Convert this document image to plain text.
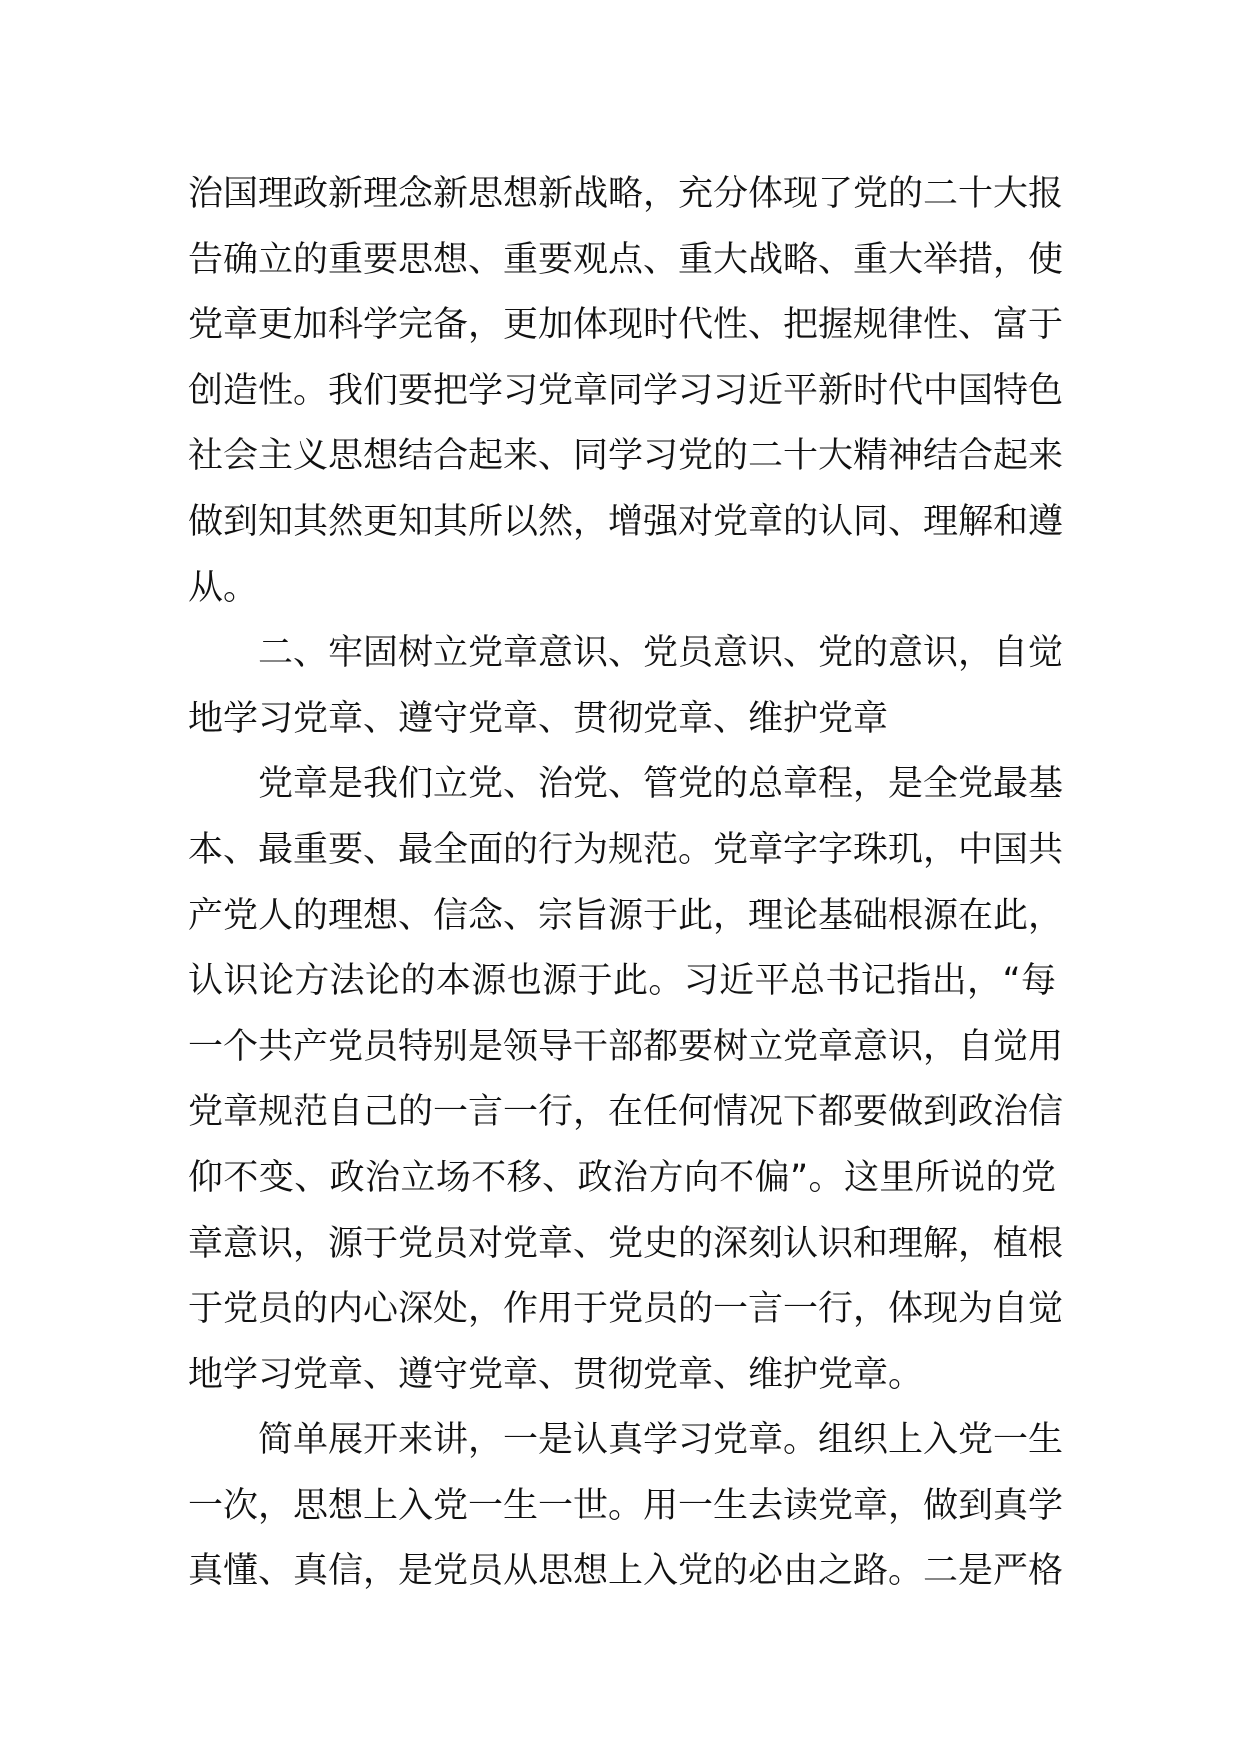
治国理政新理念新思想新战略，充分体现了党的二十大报
告确立的重要思想、重要观点、重大战略、重大举措，使
党章更加科学完备，更加体现时代性、把握规律性、富于
创造性。我们要把学习党章同学习习近平新时代中国特色
社会主义思想结合起来、同学习党的二十大精神结合起来
做到知其然更知其所以然，增强对党章的认同、理解和遵
从。
二、牢固树立党章意识、党员意识、党的意识，自觉
地学习党章、遵守党章、贯彻党章、维护党章
党章是我们立党、治党、管党的总章程，是全党最基
本、最重要、最全面的行为规范。党章字字珠玑，中国共
产党人的理想、信念、宗旨源于此，理论基础根源在此，
认识论方法论的本源也源于此。习近平总书记指出，“每
一个共产党员特别是领导干部都要树立党章意识，自觉用
党章规范自己的一言一行，在任何情况下都要做到政治信
仰不变、政治立场不移、政治方向不偏”。这里所说的党
章意识，源于党员对党章、党史的深刻认识和理解，植根
于党员的内心深处，作用于党员的一言一行，体现为自觉
地学习党章、遵守党章、贯彻党章、维护党章。
简单展开来讲，一是认真学习党章。组织上入党一生
一次，思想上入党一生一世。用一生去读党章，做到真学
真懂、真信，是党员从思想上入党的必由之路。二是严格
